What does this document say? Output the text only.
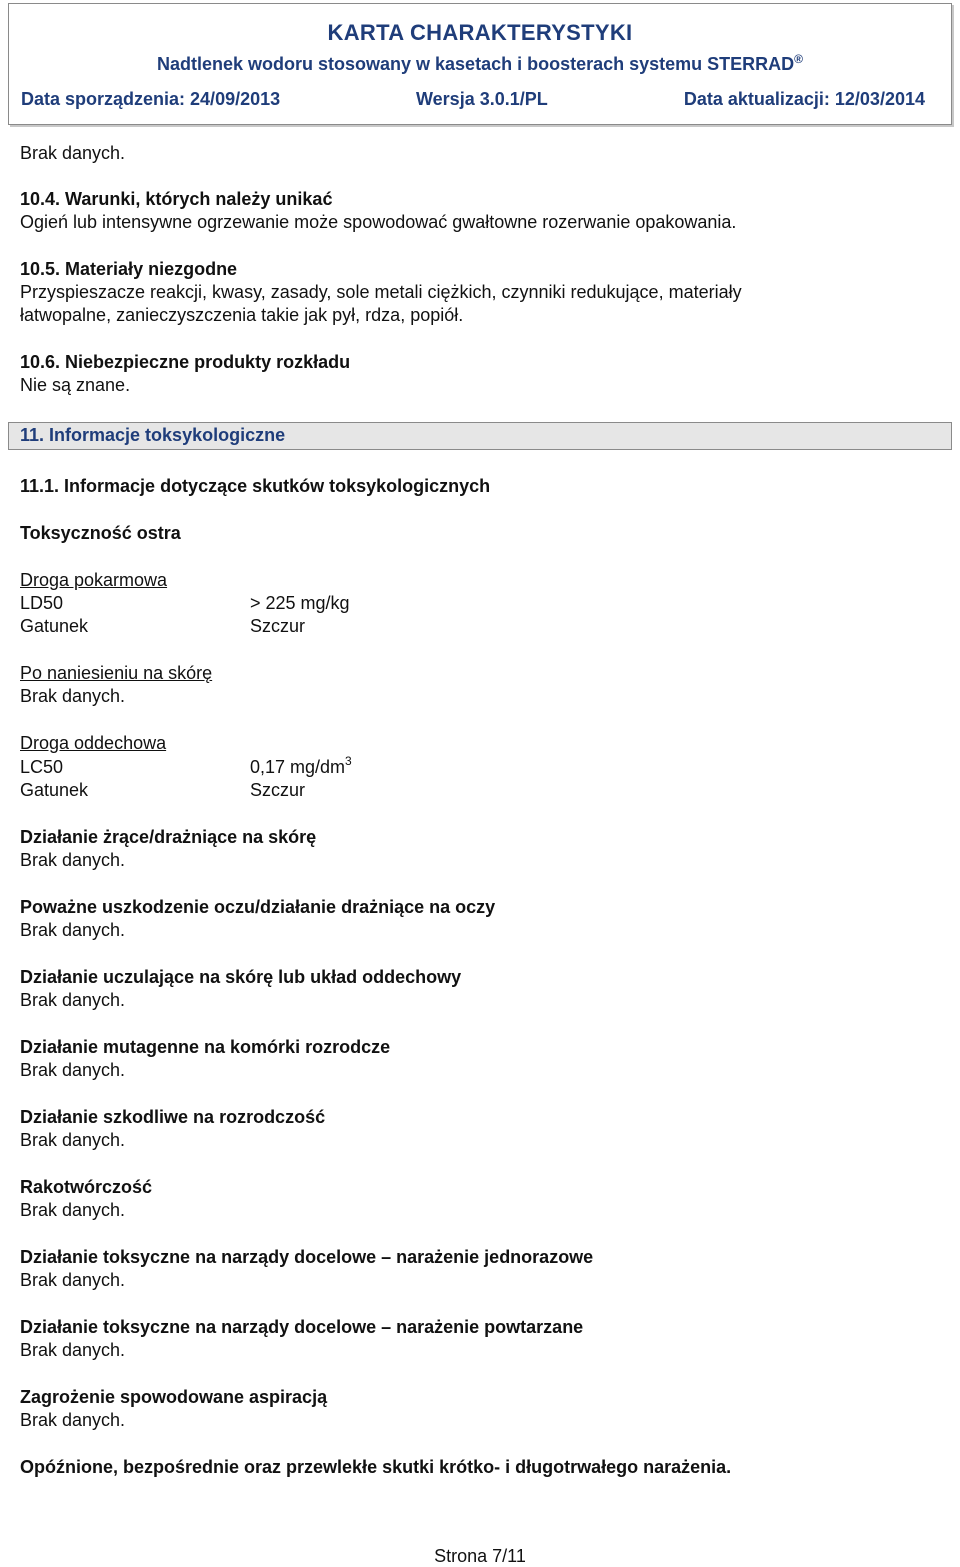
KARTA CHARAKTERYSTYKI
Nadtlenek wodoru stosowany w kasetach i boosterach systemu STERRAD®
Data sporządzenia: 24/09/2013	Wersja 3.0.1/PL	Data aktualizacji: 12/03/2014
Brak danych.
10.4. Warunki, których należy unikać
Ogień lub intensywne ogrzewanie może spowodować gwałtowne rozerwanie opakowania.
10.5. Materiały niezgodne
Przyspieszacze reakcji, kwasy, zasady, sole metali ciężkich, czynniki redukujące, materiały
łatwopalne, zanieczyszczenia takie jak pył, rdza, popiół.
10.6. Niebezpieczne produkty rozkładu
Nie są znane.
11. Informacje toksykologiczne
11.1. Informacje dotyczące skutków toksykologicznych
Toksyczność ostra
Droga pokarmowa
LD50	> 225 mg/kg
Gatunek	Szczur
Po naniesieniu na skórę
Brak danych.
Droga oddechowa
LC50	0,17 $mg/dm^3$
Gatunek	Szczur
Działanie żrące/drażniące na skórę
Brak danych.
Poważne uszkodzenie oczu/działanie drażniące na oczy
Brak danych.
Działanie uczulające na skórę lub układ oddechowy
Brak danych.
Działanie mutagenne na komórki rozrodcze
Brak danych.
Działanie szkodliwe na rozrodczość
Brak danych.
Rakotwórczość
Brak danych.
Działanie toksyczne na narządy docelowe – narażenie jednorazowe
Brak danych.
Działanie toksyczne na narządy docelowe – narażenie powtarzane
Brak danych.
Zagrożenie spowodowane aspiracją
Brak danych.
Opóźnione, bezpośrednie oraz przewlekłe skutki krótko- i długotrwałego narażenia.
Strona 7/11
